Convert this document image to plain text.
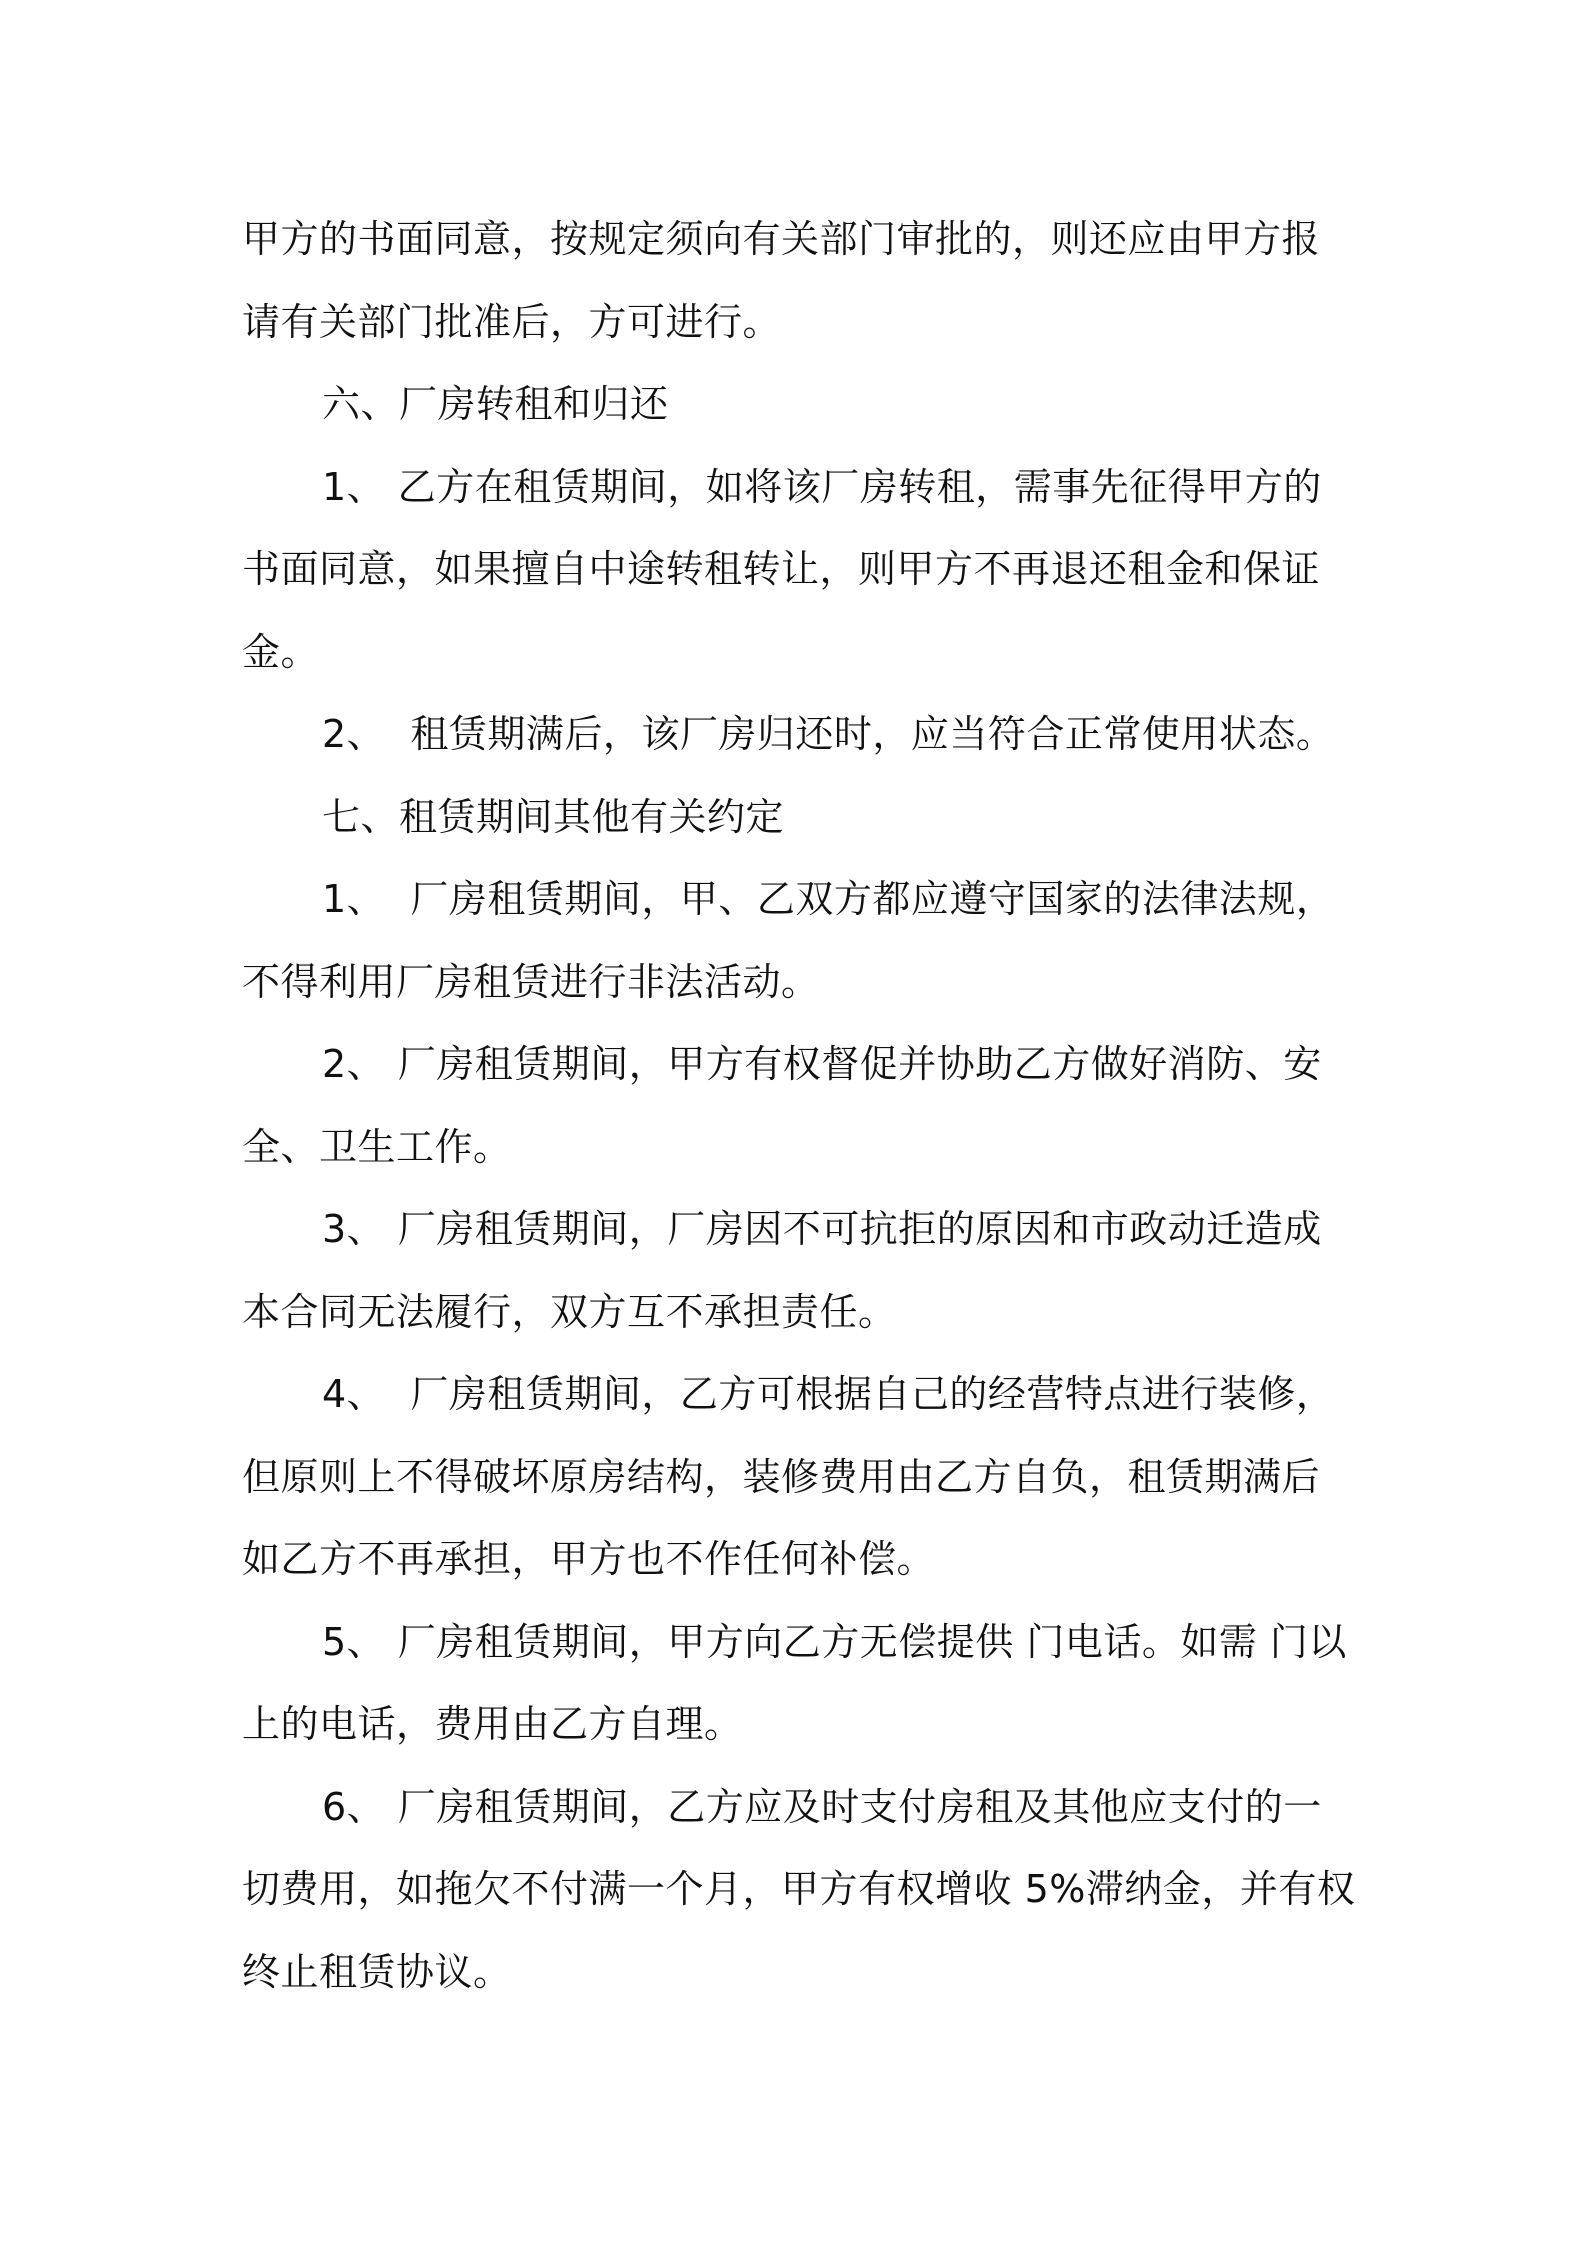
甲方的书面同意，按规定须向有关部门审批的，则还应由甲方报请有关部门批准后，方可进行。

六、厂房转租和归还

1、 乙方在租赁期间，如将该厂房转租，需事先征得甲方的书面同意，如果擅自中途转租转让，则甲方不再退还租金和保证金。

2、  租赁期满后，该厂房归还时，应当符合正常使用状态。

七、租赁期间其他有关约定

1、  厂房租赁期间，甲、乙双方都应遵守国家的法律法规，不得利用厂房租赁进行非法活动。

2、 厂房租赁期间，甲方有权督促并协助乙方做好消防、安全、卫生工作。

3、 厂房租赁期间，厂房因不可抗拒的原因和市政动迁造成本合同无法履行，双方互不承担责任。

4、  厂房租赁期间，乙方可根据自己的经营特点进行装修，但原则上不得破坏原房结构，装修费用由乙方自负，租赁期满后如乙方不再承担，甲方也不作任何补偿。

5、 厂房租赁期间，甲方向乙方无偿提供 门电话。如需 门以上的电话，费用由乙方自理。

6、 厂房租赁期间，乙方应及时支付房租及其他应支付的一切费用，如拖欠不付满一个月，甲方有权增收 5%滞纳金，并有权终止租赁协议。
